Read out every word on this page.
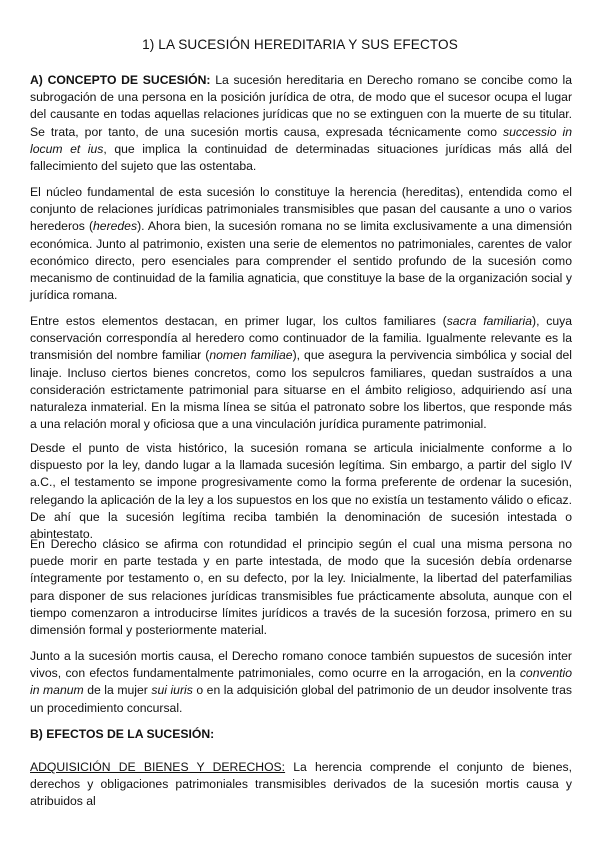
1) LA SUCESIÓN HEREDITARIA Y SUS EFECTOS

A) CONCEPTO DE SUCESIÓN: La sucesión hereditaria en Derecho romano se concibe como la subrogación de una persona en la posición jurídica de otra, de modo que el sucesor ocupa el lugar del causante en todas aquellas relaciones jurídicas que no se extinguen con la muerte de su titular. Se trata, por tanto, de una sucesión mortis causa, expresada técnicamente como successio in locum et ius, que implica la continuidad de determinadas situaciones jurídicas más allá del fallecimiento del sujeto que las ostentaba.

El núcleo fundamental de esta sucesión lo constituye la herencia (hereditas), entendida como el conjunto de relaciones jurídicas patrimoniales transmisibles que pasan del causante a uno o varios herederos (heredes). Ahora bien, la sucesión romana no se limita exclusivamente a una dimensión económica. Junto al patrimonio, existen una serie de elementos no patrimoniales, carentes de valor económico directo, pero esenciales para comprender el sentido profundo de la sucesión como mecanismo de continuidad de la familia agnaticia, que constituye la base de la organización social y jurídica romana.

Entre estos elementos destacan, en primer lugar, los cultos familiares (sacra familiaria), cuya conservación correspondía al heredero como continuador de la familia. Igualmente relevante es la transmisión del nombre familiar (nomen familiae), que asegura la pervivencia simbólica y social del linaje. Incluso ciertos bienes concretos, como los sepulcros familiares, quedan sustraídos a una consideración estrictamente patrimonial para situarse en el ámbito religioso, adquiriendo así una naturaleza inmaterial. En la misma línea se sitúa el patronato sobre los libertos, que responde más a una relación moral y oficiosa que a una vinculación jurídica puramente patrimonial.

Desde el punto de vista histórico, la sucesión romana se articula inicialmente conforme a lo dispuesto por la ley, dando lugar a la llamada sucesión legítima. Sin embargo, a partir del siglo IV a.C., el testamento se impone progresivamente como la forma preferente de ordenar la sucesión, relegando la aplicación de la ley a los supuestos en los que no existía un testamento válido o eficaz. De ahí que la sucesión legítima reciba también la denominación de sucesión intestada o abintestato.

En Derecho clásico se afirma con rotundidad el principio según el cual una misma persona no puede morir en parte testada y en parte intestada, de modo que la sucesión debía ordenarse íntegramente por testamento o, en su defecto, por la ley. Inicialmente, la libertad del paterfamilias para disponer de sus relaciones jurídicas transmisibles fue prácticamente absoluta, aunque con el tiempo comenzaron a introducirse límites jurídicos a través de la sucesión forzosa, primero en su dimensión formal y posteriormente material.

Junto a la sucesión mortis causa, el Derecho romano conoce también supuestos de sucesión inter vivos, con efectos fundamentalmente patrimoniales, como ocurre en la arrogación, en la conventio in manum de la mujer sui iuris o en la adquisición global del patrimonio de un deudor insolvente tras un procedimiento concursal.

B) EFECTOS DE LA SUCESIÓN:

ADQUISICIÓN DE BIENES Y DERECHOS: La herencia comprende el conjunto de bienes, derechos y obligaciones patrimoniales transmisibles derivados de la sucesión mortis causa y atribuidos al
